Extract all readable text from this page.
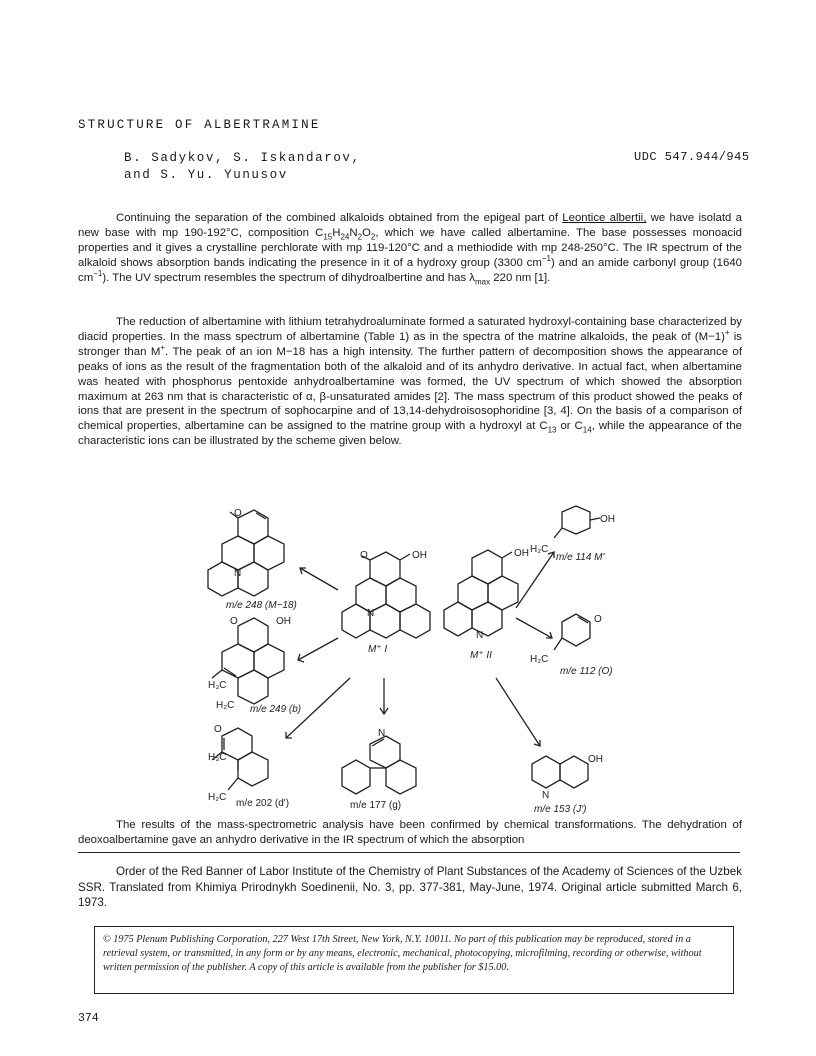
STRUCTURE OF ALBERTRAMINE
B. Sadykov, S. Iskandarov,
and S. Yu. Yunusov
UDC 547.944/945

Continuing the separation of the combined alkaloids obtained from the epigeal part of Leontice albertii, we have isolatd a new base with mp 190-192°C, composition $C_{15}H_{24}N_2O_2$, which we have called albertamine. The base possesses monoacid properties and it gives a crystalline perchlorate with mp 119-120°C and a methiodide with mp 248-250°C. The IR spectrum of the alkaloid shows absorption bands indicating the presence in it of a hydroxy group (3300 $cm^{-1}$) and an amide carbonyl group (1640 $cm^{-1}$). The UV spectrum resembles the spectrum of dihydroalbertine and has $\lambda_{max}$ 220 nm [1].

The reduction of albertamine with lithium tetrahydroaluminate formed a saturated hydroxyl-containing base characterized by diacid properties. In the mass spectrum of albertamine (Table 1) as in the spectra of the matrine alkaloids, the peak of (M−1)+ is stronger than M+. The peak of an ion M−18 has a high intensity. The further pattern of decomposition shows the appearance of peaks of ions as the result of the fragmentation both of the alkaloid and of its anhydro derivative. In actual fact, when albertamine was heated with phosphorus pentoxide anhydroalbertamine was formed, the UV spectrum of which showed the absorption maximum at 263 nm that is characteristic of α, β-unsaturated amides [2]. The mass spectrum of this product showed the peaks of ions that are present in the spectrum of sophocarpine and of 13,14-dehydroisosophoridine [3, 4]. On the basis of a comparison of chemical properties, albertamine can be assigned to the matrine group with a hydroxyl at $C_{13}$ or $C_{14}$, while the appearance of the characteristic ions can be illustrated by the scheme given below.

O
N
m/e 248 (M−18)
O	OH
N
M⁺ I
OH
N
M⁺ II
OH
H₂C
m/e 114 M'
O
H₂C
m/e 112 (O)
O	OH
H₃C
H₂C m/e 249 (b)
O
H₃C
H₂C
m/e 202 (d')
N
m/e 177 (g)
OH
N
m/e 153 (J')

The results of the mass-spectrometric analysis have been confirmed by chemical transformations. The dehydration of deoxoalbertamine gave an anhydro derivative in the IR spectrum of which the absorption

Order of the Red Banner of Labor Institute of the Chemistry of Plant Substances of the Academy of Sciences of the Uzbek SSR. Translated from Khimiya Prirodnykh Soedinenii, No. 3, pp. 377-381, May-June, 1974. Original article submitted March 6, 1973.

© 1975 Plenum Publishing Corporation, 227 West 17th Street, New York, N.Y. 10011. No part of this publication may be reproduced, stored in a retrieval system, or transmitted, in any form or by any means, electronic, mechanical, photocopying, microfilming, recording or otherwise, without written permission of the publisher. A copy of this article is available from the publisher for $15.00.
374
